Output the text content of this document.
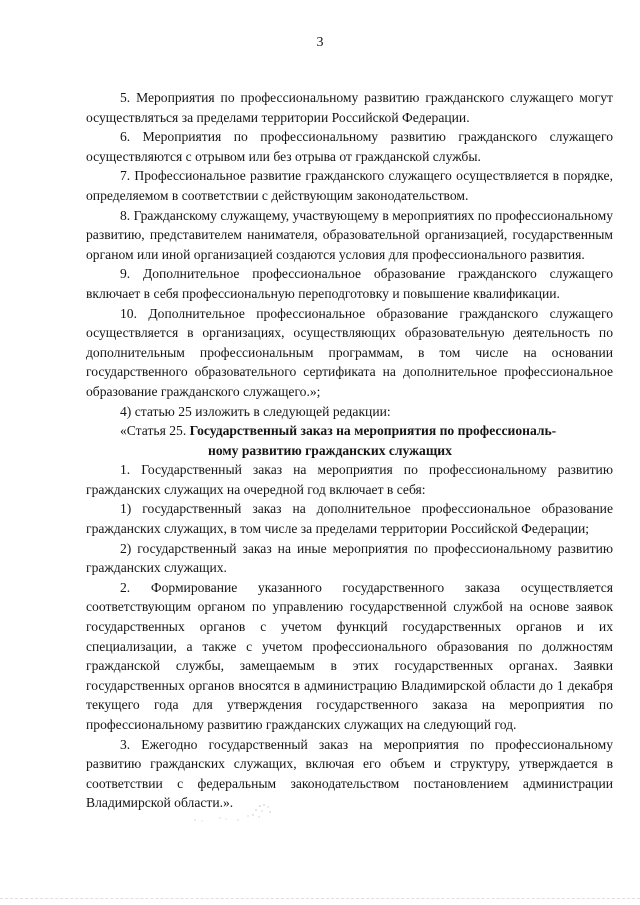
3

5. Мероприятия по профессиональному развитию гражданского служащего могут осуществляться за пределами территории Российской Федерации.

6. Мероприятия по профессиональному развитию гражданского служащего осуществляются с отрывом или без отрыва от гражданской службы.

7. Профессиональное развитие гражданского служащего осуществляется в порядке, определяемом в соответствии с действующим законодательством.

8. Гражданскому служащему, участвующему в мероприятиях по профессиональному развитию, представителем нанимателя, образовательной организацией, государственным органом или иной организацией создаются условия для профессионального развития.

9. Дополнительное профессиональное образование гражданского служащего включает в себя профессиональную переподготовку и повышение квалификации.

10. Дополнительное профессиональное образование гражданского служащего осуществляется в организациях, осуществляющих образовательную деятельность по дополнительным профессиональным программам, в том числе на основании государственного образовательного сертификата на дополнительное профессиональное образование гражданского служащего.»;

4) статью 25 изложить в следующей редакции:

«Статья 25. Государственный заказ на мероприятия по профессиональ-
ному развитию гражданских служащих

1. Государственный заказ на мероприятия по профессиональному развитию гражданских служащих на очередной год включает в себя:

1) государственный заказ на дополнительное профессиональное образование гражданских служащих, в том числе за пределами территории Российской Федерации;

2) государственный заказ на иные мероприятия по профессиональному развитию гражданских служащих.

2. Формирование указанного государственного заказа осуществляется соответствующим органом по управлению государственной службой на основе заявок государственных органов с учетом функций государственных органов и их специализации, а также с учетом профессионального образования по должностям гражданской службы, замещаемым в этих государственных органах. Заявки государственных органов вносятся в администрацию Владимирской области до 1 декабря текущего года для утверждения государственного заказа на мероприятия по профессиональному развитию гражданских служащих на следующий год.

3. Ежегодно государственный заказ на мероприятия по профессиональному развитию гражданских служащих, включая его объем и структуру, утверждается в соответствии с федеральным законодательством постановлением администрации Владимирской области.».
